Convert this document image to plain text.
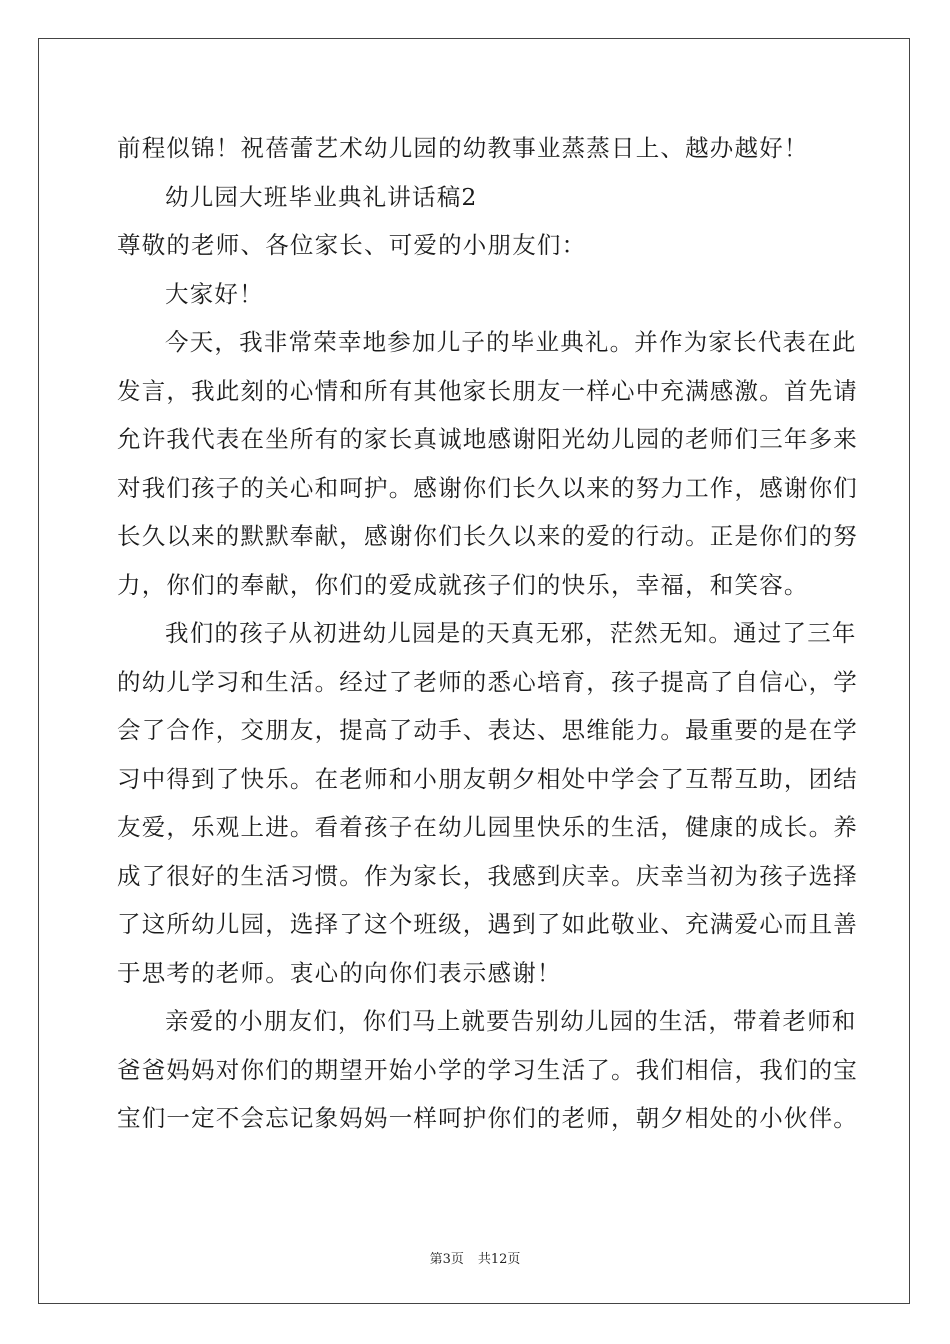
前程似锦！祝蓓蕾艺术幼儿园的幼教事业蒸蒸日上、越办越好！
幼儿园大班毕业典礼讲话稿2
尊敬的老师、各位家长、可爱的小朋友们：
大家好！
今天，我非常荣幸地参加儿子的毕业典礼。并作为家长代表在此
发言，我此刻的心情和所有其他家长朋友一样心中充满感激。首先请
允许我代表在坐所有的家长真诚地感谢阳光幼儿园的老师们三年多来
对我们孩子的关心和呵护。感谢你们长久以来的努力工作，感谢你们
长久以来的默默奉献，感谢你们长久以来的爱的行动。正是你们的努
力，你们的奉献，你们的爱成就孩子们的快乐，幸福，和笑容。
我们的孩子从初进幼儿园是的天真无邪，茫然无知。通过了三年
的幼儿学习和生活。经过了老师的悉心培育，孩子提高了自信心，学
会了合作，交朋友，提高了动手、表达、思维能力。最重要的是在学
习中得到了快乐。在老师和小朋友朝夕相处中学会了互帮互助，团结
友爱，乐观上进。看着孩子在幼儿园里快乐的生活，健康的成长。养
成了很好的生活习惯。作为家长，我感到庆幸。庆幸当初为孩子选择
了这所幼儿园，选择了这个班级，遇到了如此敬业、充满爱心而且善
于思考的老师。衷心的向你们表示感谢！
亲爱的小朋友们，你们马上就要告别幼儿园的生活，带着老师和
爸爸妈妈对你们的期望开始小学的学习生活了。我们相信，我们的宝
宝们一定不会忘记象妈妈一样呵护你们的老师，朝夕相处的小伙伴。
第3页 共12页
